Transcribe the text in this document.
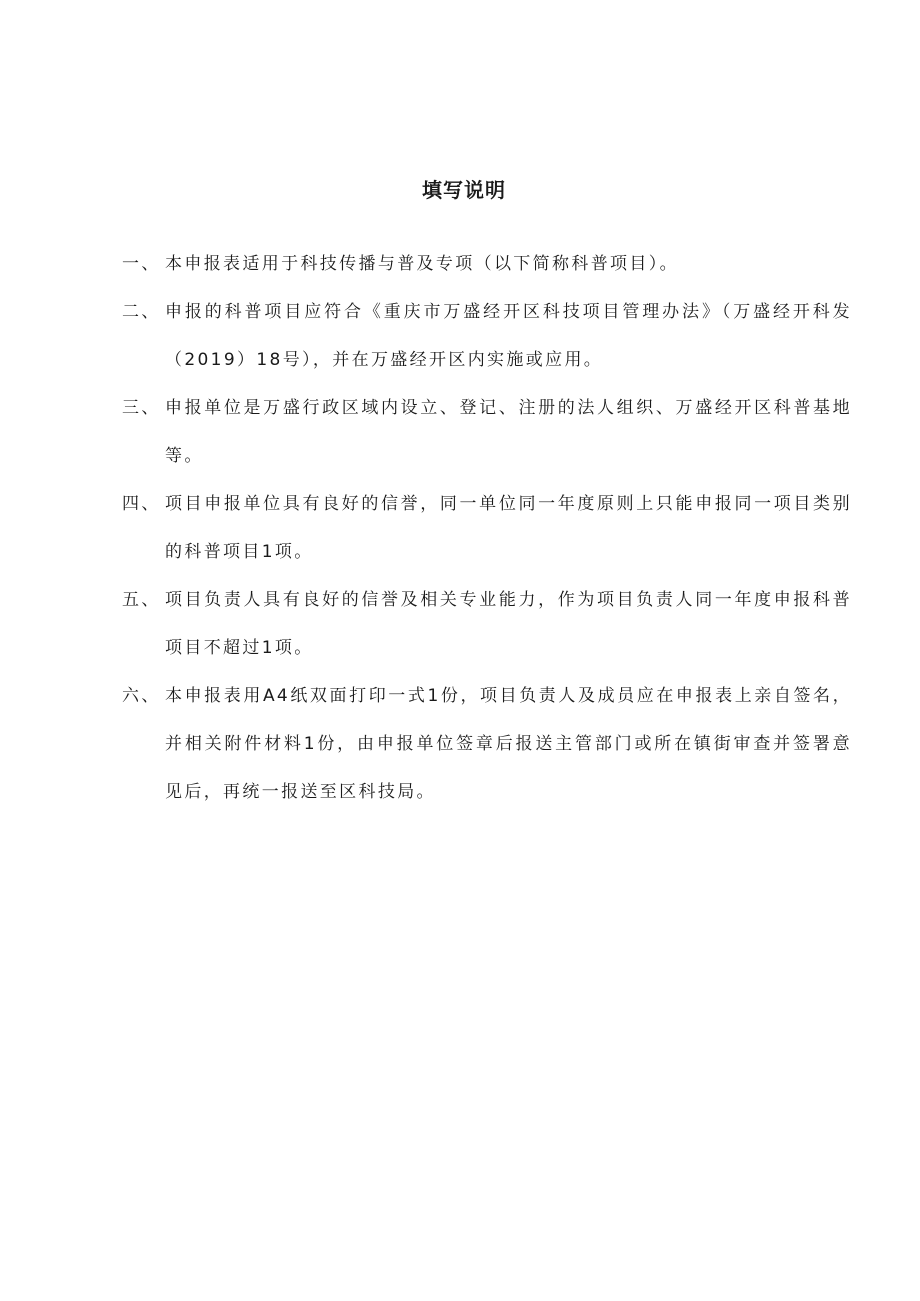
填写说明
一、 本申报表适用于科技传播与普及专项（以下简称科普项目）。
二、 申报的科普项目应符合《重庆市万盛经开区科技项目管理办法》（万盛经开科发（2019）18号），并在万盛经开区内实施或应用。
三、 申报单位是万盛行政区域内设立、登记、注册的法人组织、万盛经开区科普基地等。
四、 项目申报单位具有良好的信誉，同一单位同一年度原则上只能申报同一项目类别的科普项目1项。
五、 项目负责人具有良好的信誉及相关专业能力，作为项目负责人同一年度申报科普项目不超过1项。
六、 本申报表用A4纸双面打印一式1份，项目负责人及成员应在申报表上亲自签名，并相关附件材料1份，由申报单位签章后报送主管部门或所在镇街审查并签署意见后，再统一报送至区科技局。
